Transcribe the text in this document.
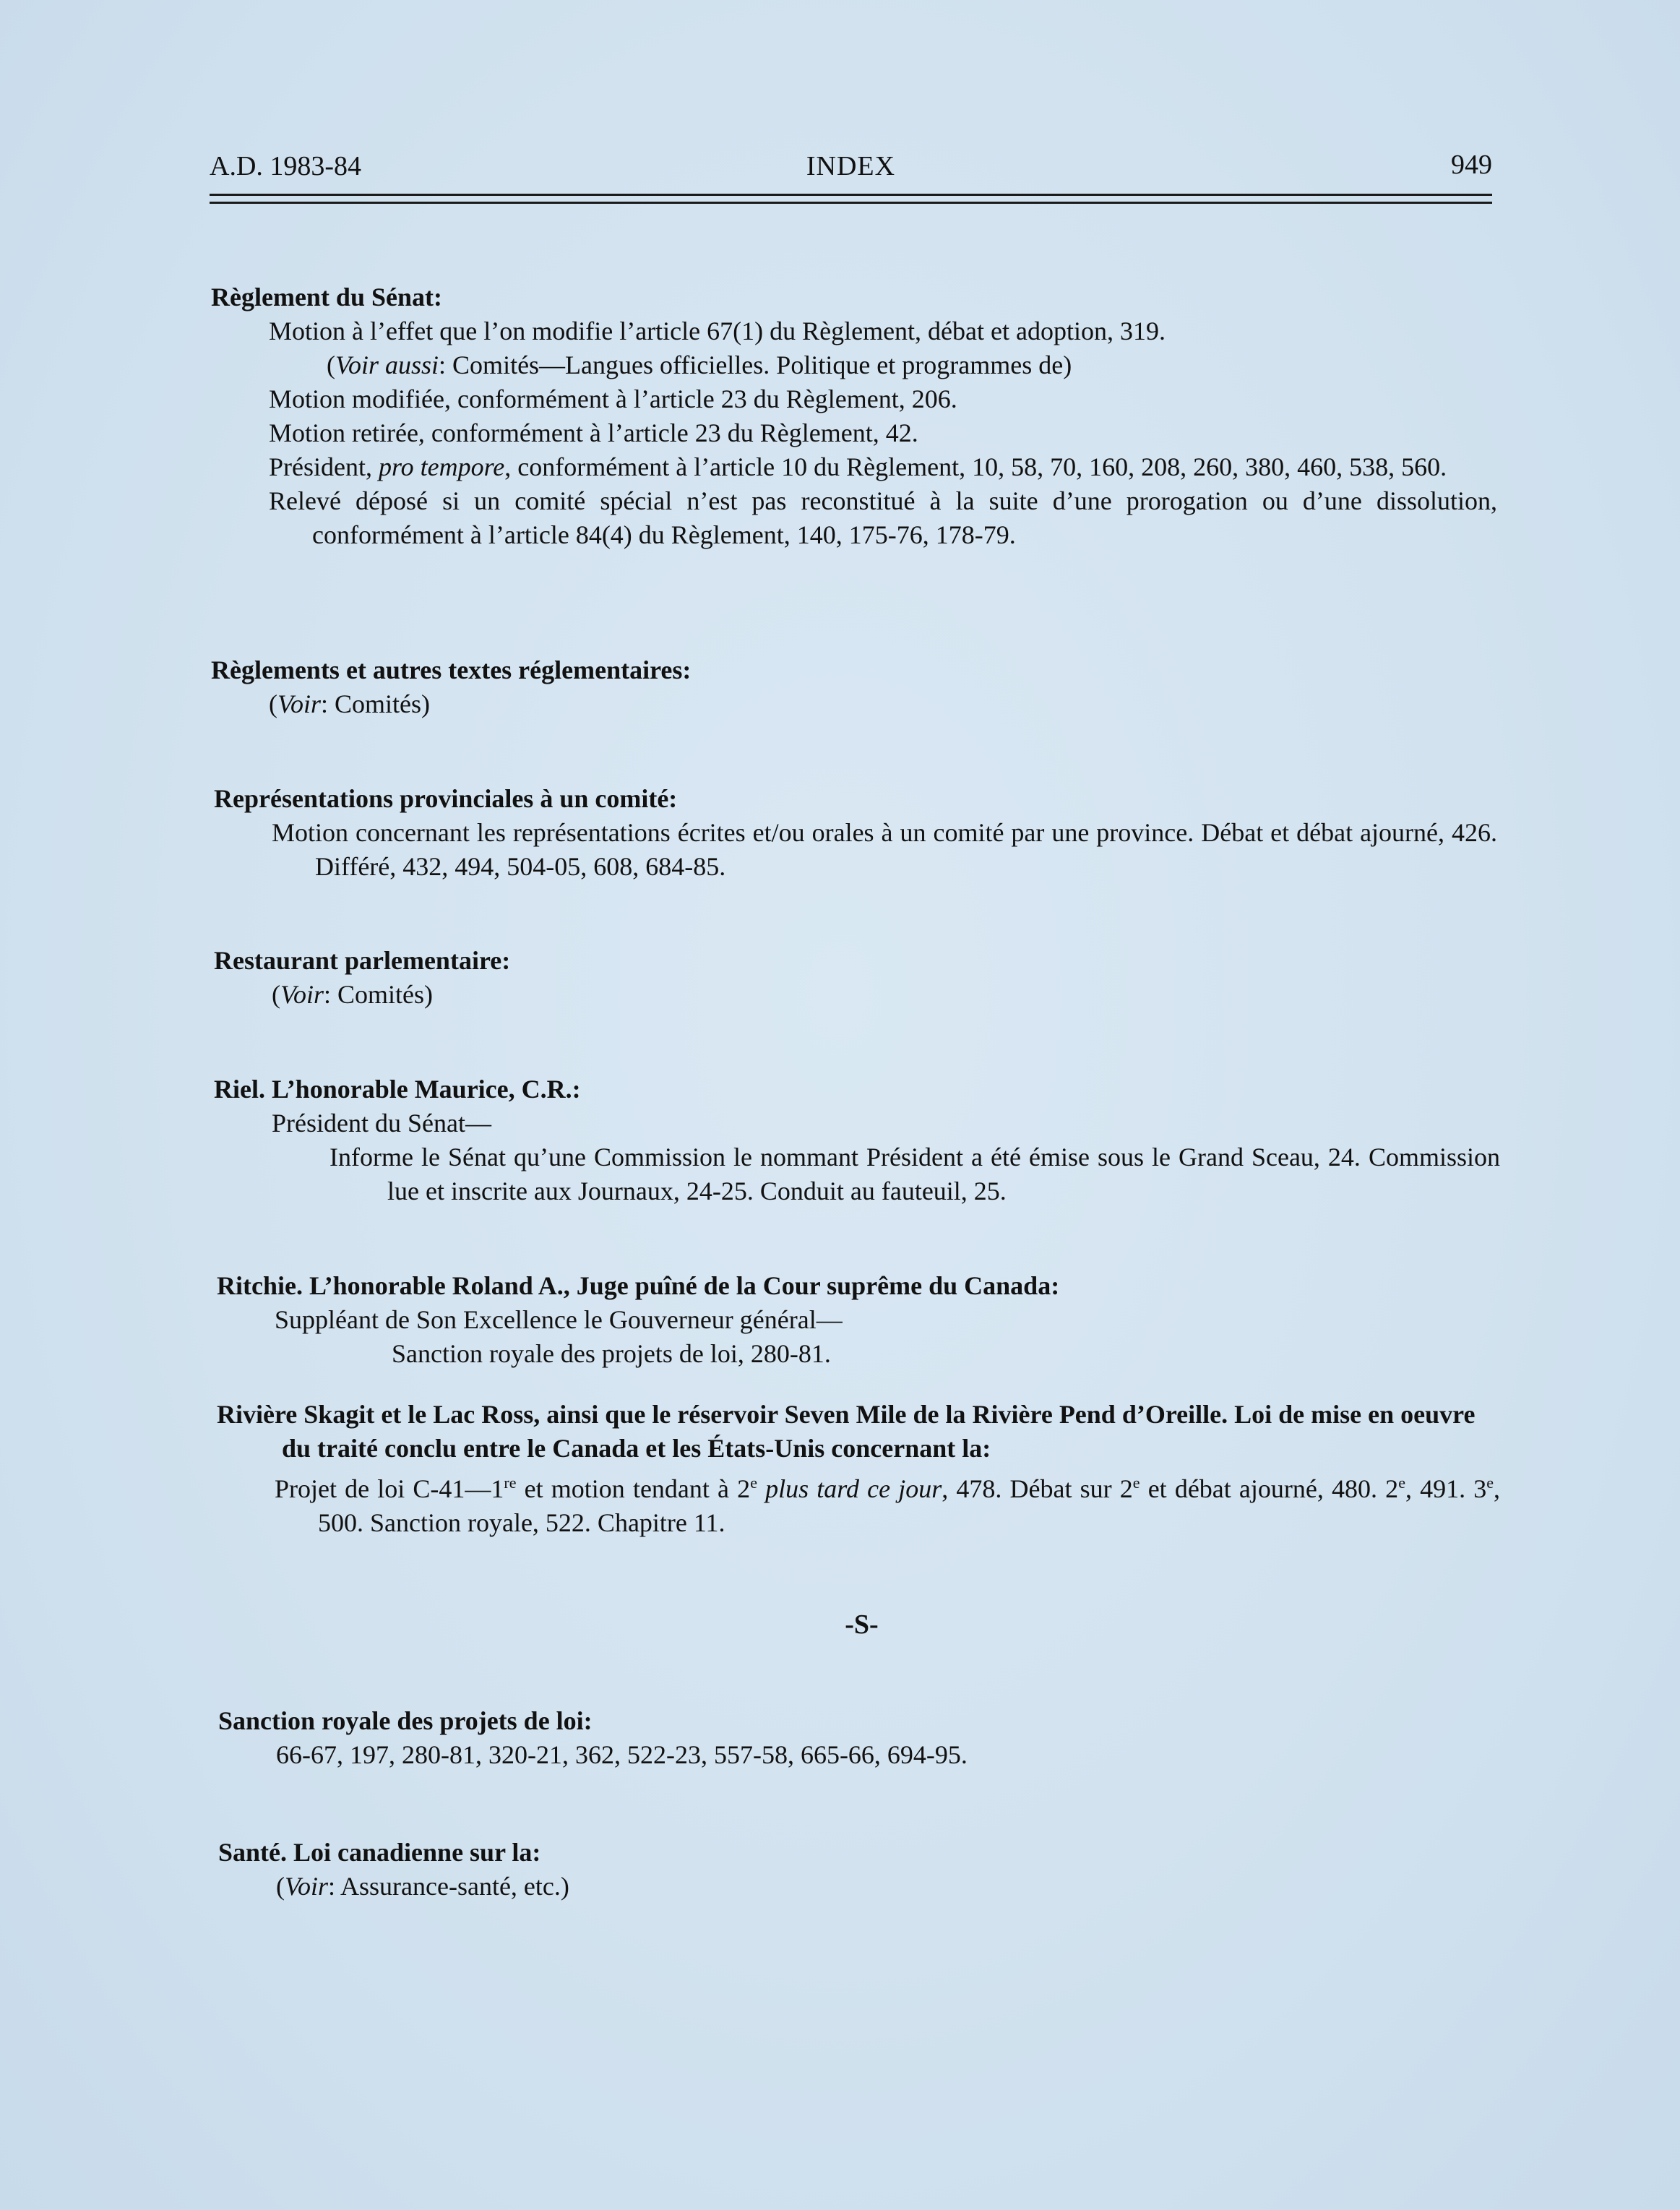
A.D. 1983-84	INDEX	949

Règlement du Sénat:

Motion à l’effet que l’on modifie l’article 67(1) du Règlement, débat et adoption, 319.

(Voir aussi: Comités—Langues officielles. Politique et programmes de)

Motion modifiée, conformément à l’article 23 du Règlement, 206.

Motion retirée, conformément à l’article 23 du Règlement, 42.

Président, pro tempore, conformément à l’article 10 du Règlement, 10, 58, 70, 160, 208, 260, 380, 460, 538, 560.

Relevé déposé si un comité spécial n’est pas reconstitué à la suite d’une prorogation ou d’une dissolution, conformément à l’article 84(4) du Règlement, 140, 175-76, 178-79.

Règlements et autres textes réglementaires:

(Voir: Comités)

Représentations provinciales à un comité:

Motion concernant les représentations écrites et/ou orales à un comité par une province. Débat et débat ajourné, 426. Différé, 432, 494, 504-05, 608, 684-85.

Restaurant parlementaire:

(Voir: Comités)

Riel. L’honorable Maurice, C.R.:

Président du Sénat—

Informe le Sénat qu’une Commission le nommant Président a été émise sous le Grand Sceau, 24. Commission lue et inscrite aux Journaux, 24-25. Conduit au fauteuil, 25.

Ritchie. L’honorable Roland A., Juge puîné de la Cour suprême du Canada:

Suppléant de Son Excellence le Gouverneur général—

Sanction royale des projets de loi, 280-81.

Rivière Skagit et le Lac Ross, ainsi que le réservoir Seven Mile de la Rivière Pend d’Oreille. Loi de mise en oeuvre du traité conclu entre le Canada et les États-Unis concernant la:

Projet de loi C-41—1re et motion tendant à 2e plus tard ce jour, 478. Débat sur 2e et débat ajourné, 480. 2e, 491. 3e, 500. Sanction royale, 522. Chapitre 11.

-S-

Sanction royale des projets de loi:

66-67, 197, 280-81, 320-21, 362, 522-23, 557-58, 665-66, 694-95.

Santé. Loi canadienne sur la:

(Voir: Assurance-santé, etc.)
